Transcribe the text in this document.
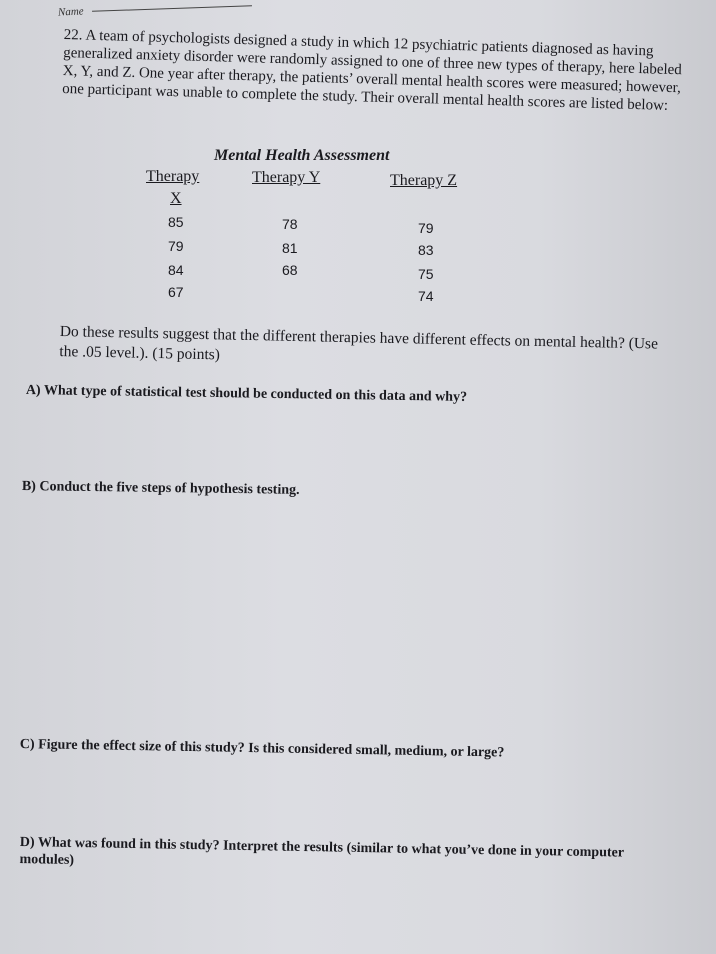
Name

22. A team of psychologists designed a study in which 12 psychiatric patients diagnosed as having generalized anxiety disorder were randomly assigned to one of three new types of therapy, here labeled X, Y, and Z. One year after therapy, the patients’ overall mental health scores were measured; however, one participant was unable to complete the study. Their overall mental health scores are listed below:

Mental Health Assessment
Therapy
X
85
79
84
67
Therapy Y
78
81
68
Therapy Z
79
83
75
74
Do these results suggest that the different therapies have different effects on mental health? (Use the .05 level.). (15 points)
A) What type of statistical test should be conducted on this data and why?
B) Conduct the five steps of hypothesis testing.
C) Figure the effect size of this study? Is this considered small, medium, or large?
D) What was found in this study? Interpret the results (similar to what you’ve done in your computer modules)
